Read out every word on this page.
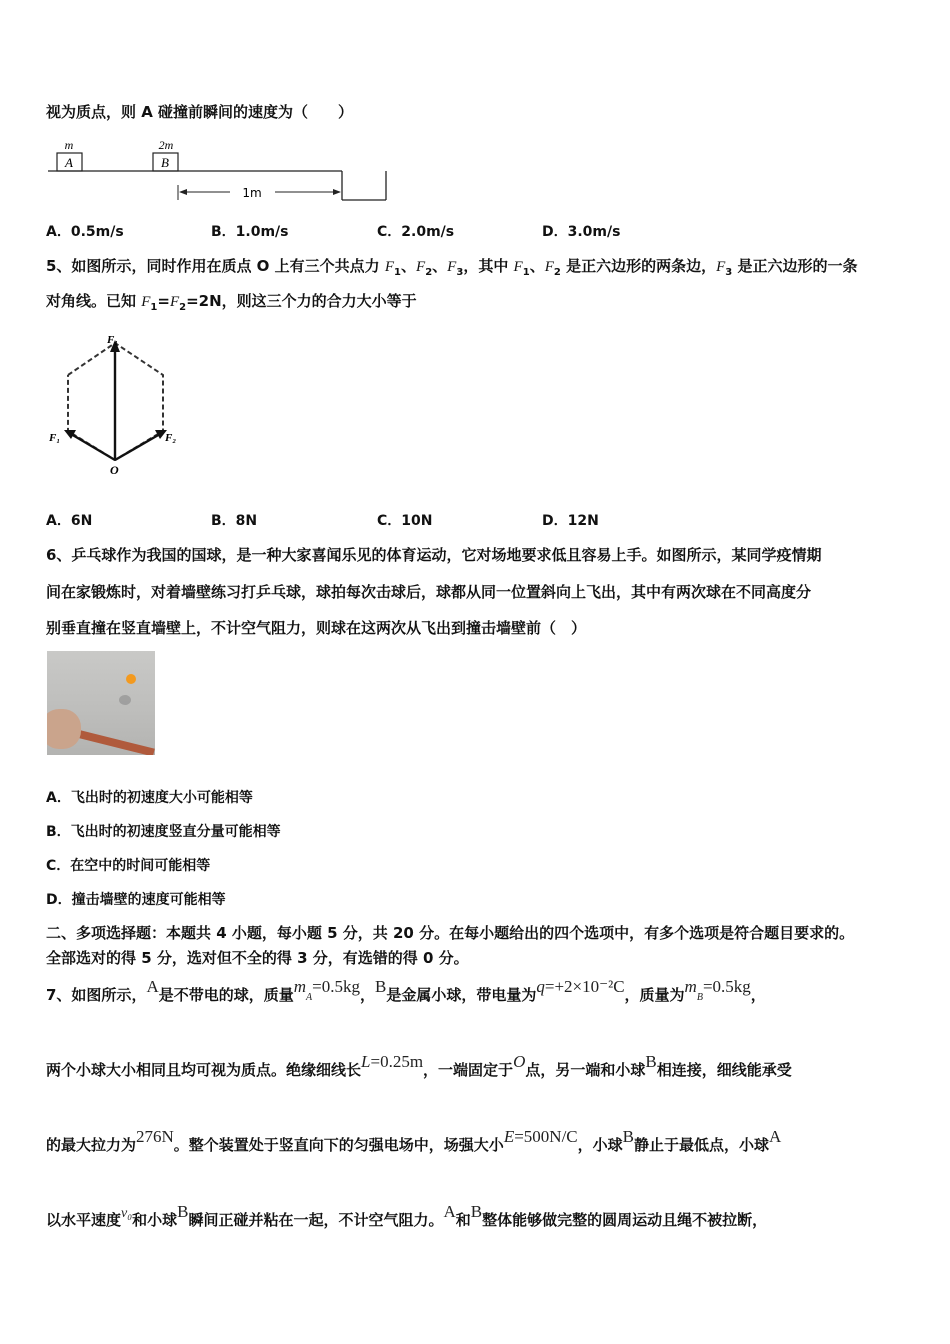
视为质点，则 A 碰撞前瞬间的速度为（　　）
A	B
m	2m
1m
A．0.5m/s	B．1.0m/s	C．2.0m/s	D．3.0m/s
5、如图所示，同时作用在质点 O 上有三个共点力 $F_1$、$F_2$、$F_3$，其中 $F_1$、$F_2$ 是正六边形的两条边，$F_3$ 是正六边形的一条
对角线。已知 $F_1=F_2=2N$，则这三个力的合力大小等于
F₁
F₁	F₂
O
A．6N	B．8N	C．10N	D．12N
6、乒乓球作为我国的国球，是一种大家喜闻乐见的体育运动，它对场地要求低且容易上手。如图所示，某同学疫情期
间在家锻炼时，对着墙壁练习打乒乓球，球拍每次击球后，球都从同一位置斜向上飞出，其中有两次球在不同高度分
别垂直撞在竖直墙壁上，不计空气阻力，则球在这两次从飞出到撞击墙壁前（　）
A．飞出时的初速度大小可能相等
B．飞出时的初速度竖直分量可能相等
C．在空中的时间可能相等
D．撞击墙壁的速度可能相等
二、多项选择题：本题共 4 小题，每小题 5 分，共 20 分。在每小题给出的四个选项中，有多个选项是符合题目要求的。
全部选对的得 5 分，选对但不全的得 3 分，有选错的得 0 分。
7、如图所示，A是不带电的球，质量$m_A=0.5kg$，B是金属小球，带电量为q=+2×10⁻²C，质量为$m_B=0.5kg$，
两个小球大小相同且均可视为质点。绝缘细线长L=0.25m，一端固定于O点，另一端和小球B相连接，细线能承受
的最大拉力为276N。整个装置处于竖直向下的匀强电场中，场强大小E=500N/C，小球B静止于最低点，小球A
以水平速度v₀和小球B瞬间正碰并粘在一起，不计空气阻力。A和B整体能够做完整的圆周运动且绳不被拉断，
